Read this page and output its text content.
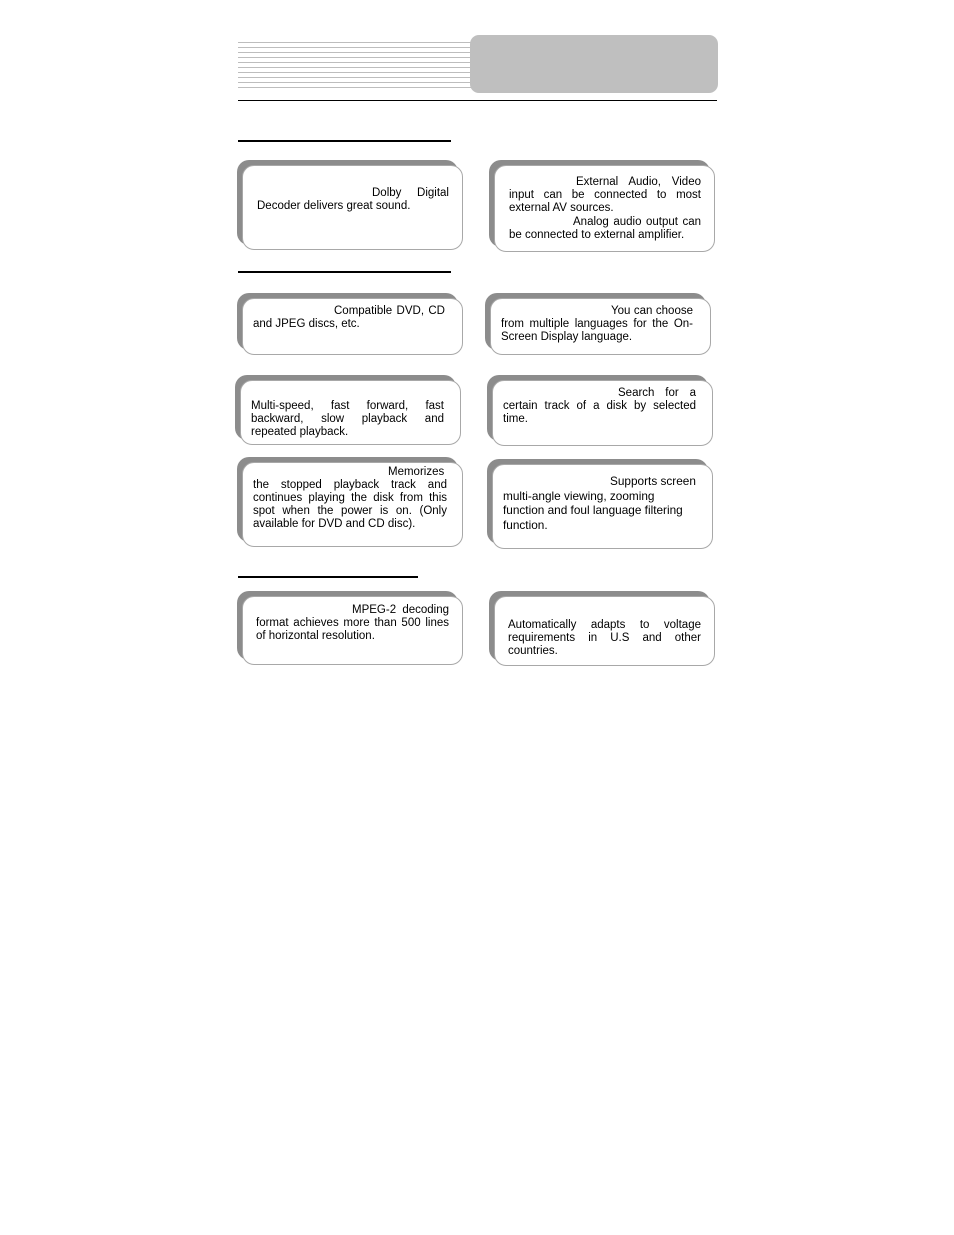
Dolby Digital Decoder delivers great sound.

External Audio, Video input can be connected to most external AV sources.

Analog audio output can be connected to external amplifier.

Compatible DVD, CD and JPEG discs, etc.

You can choose from multiple languages for the On-Screen Display language.

Multi-speed, fast forward, fast backward, slow playback and repeated playback.

Search for a certain track of a disk by selected time.

Memorizes the stopped playback track and continues playing the disk from this spot when the power is on. (Only available for DVD and CD disc).

Supports screen multi-angle viewing, zooming function and foul language filtering function.

MPEG-2 decoding format achieves more than 500 lines of horizontal resolution.

Automatically adapts to voltage requirements in U.S and other countries.
